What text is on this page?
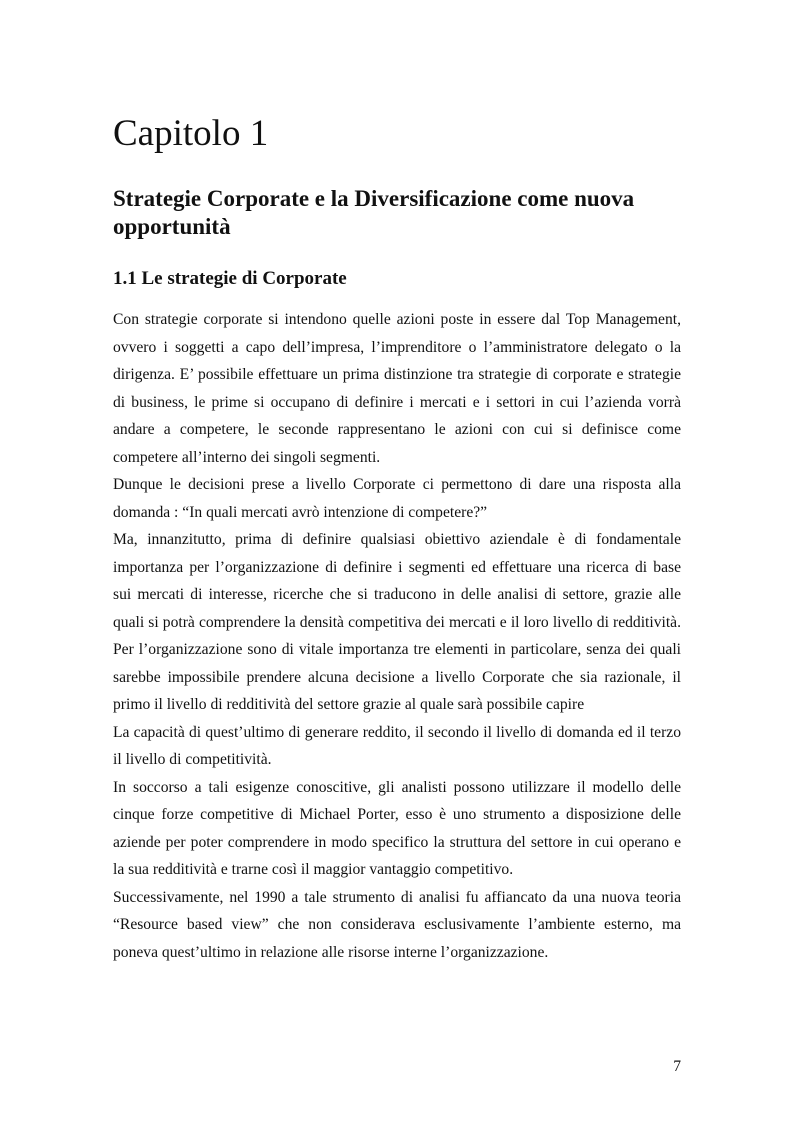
Capitolo 1
Strategie Corporate e la Diversificazione come nuova opportunità
1.1 Le strategie di Corporate

Con strategie corporate si intendono quelle azioni poste in essere dal Top Management,

ovvero i soggetti a capo dell’impresa, l’imprenditore o l’amministratore delegato o la

dirigenza. E’ possibile effettuare un prima distinzione tra strategie di corporate e strategie

di business, le prime si occupano di definire i mercati e i settori in cui l’azienda vorrà

andare a competere, le seconde rappresentano le azioni con cui si definisce come

competere all’interno dei singoli segmenti.

Dunque le decisioni prese a livello Corporate ci permettono di dare una risposta alla

domanda : “In quali mercati avrò intenzione di competere?”

Ma, innanzitutto, prima di definire qualsiasi obiettivo aziendale è di fondamentale

importanza per l’organizzazione di definire i segmenti ed effettuare una ricerca di base

sui mercati di interesse, ricerche che si traducono in delle analisi di settore, grazie alle

quali si potrà comprendere la densità competitiva dei mercati e il loro livello di redditività.

Per l’organizzazione sono di vitale importanza tre elementi in particolare, senza dei quali

sarebbe impossibile prendere alcuna decisione a livello Corporate che sia razionale, il

primo il livello di redditività del settore grazie al quale sarà possibile capire

La capacità di quest’ultimo di generare reddito, il secondo il livello di domanda ed il terzo

il livello di competitività.

In soccorso a tali esigenze conoscitive, gli analisti possono utilizzare il modello delle

cinque forze competitive di Michael Porter, esso è uno strumento a disposizione delle

aziende per poter comprendere in modo specifico la struttura del settore in cui operano e

la sua redditività e trarne così il maggior vantaggio competitivo.

Successivamente, nel 1990 a tale strumento di analisi fu affiancato da una nuova teoria

“Resource based view” che non considerava esclusivamente l’ambiente esterno, ma

poneva quest’ultimo in relazione alle risorse interne l’organizzazione.

7
